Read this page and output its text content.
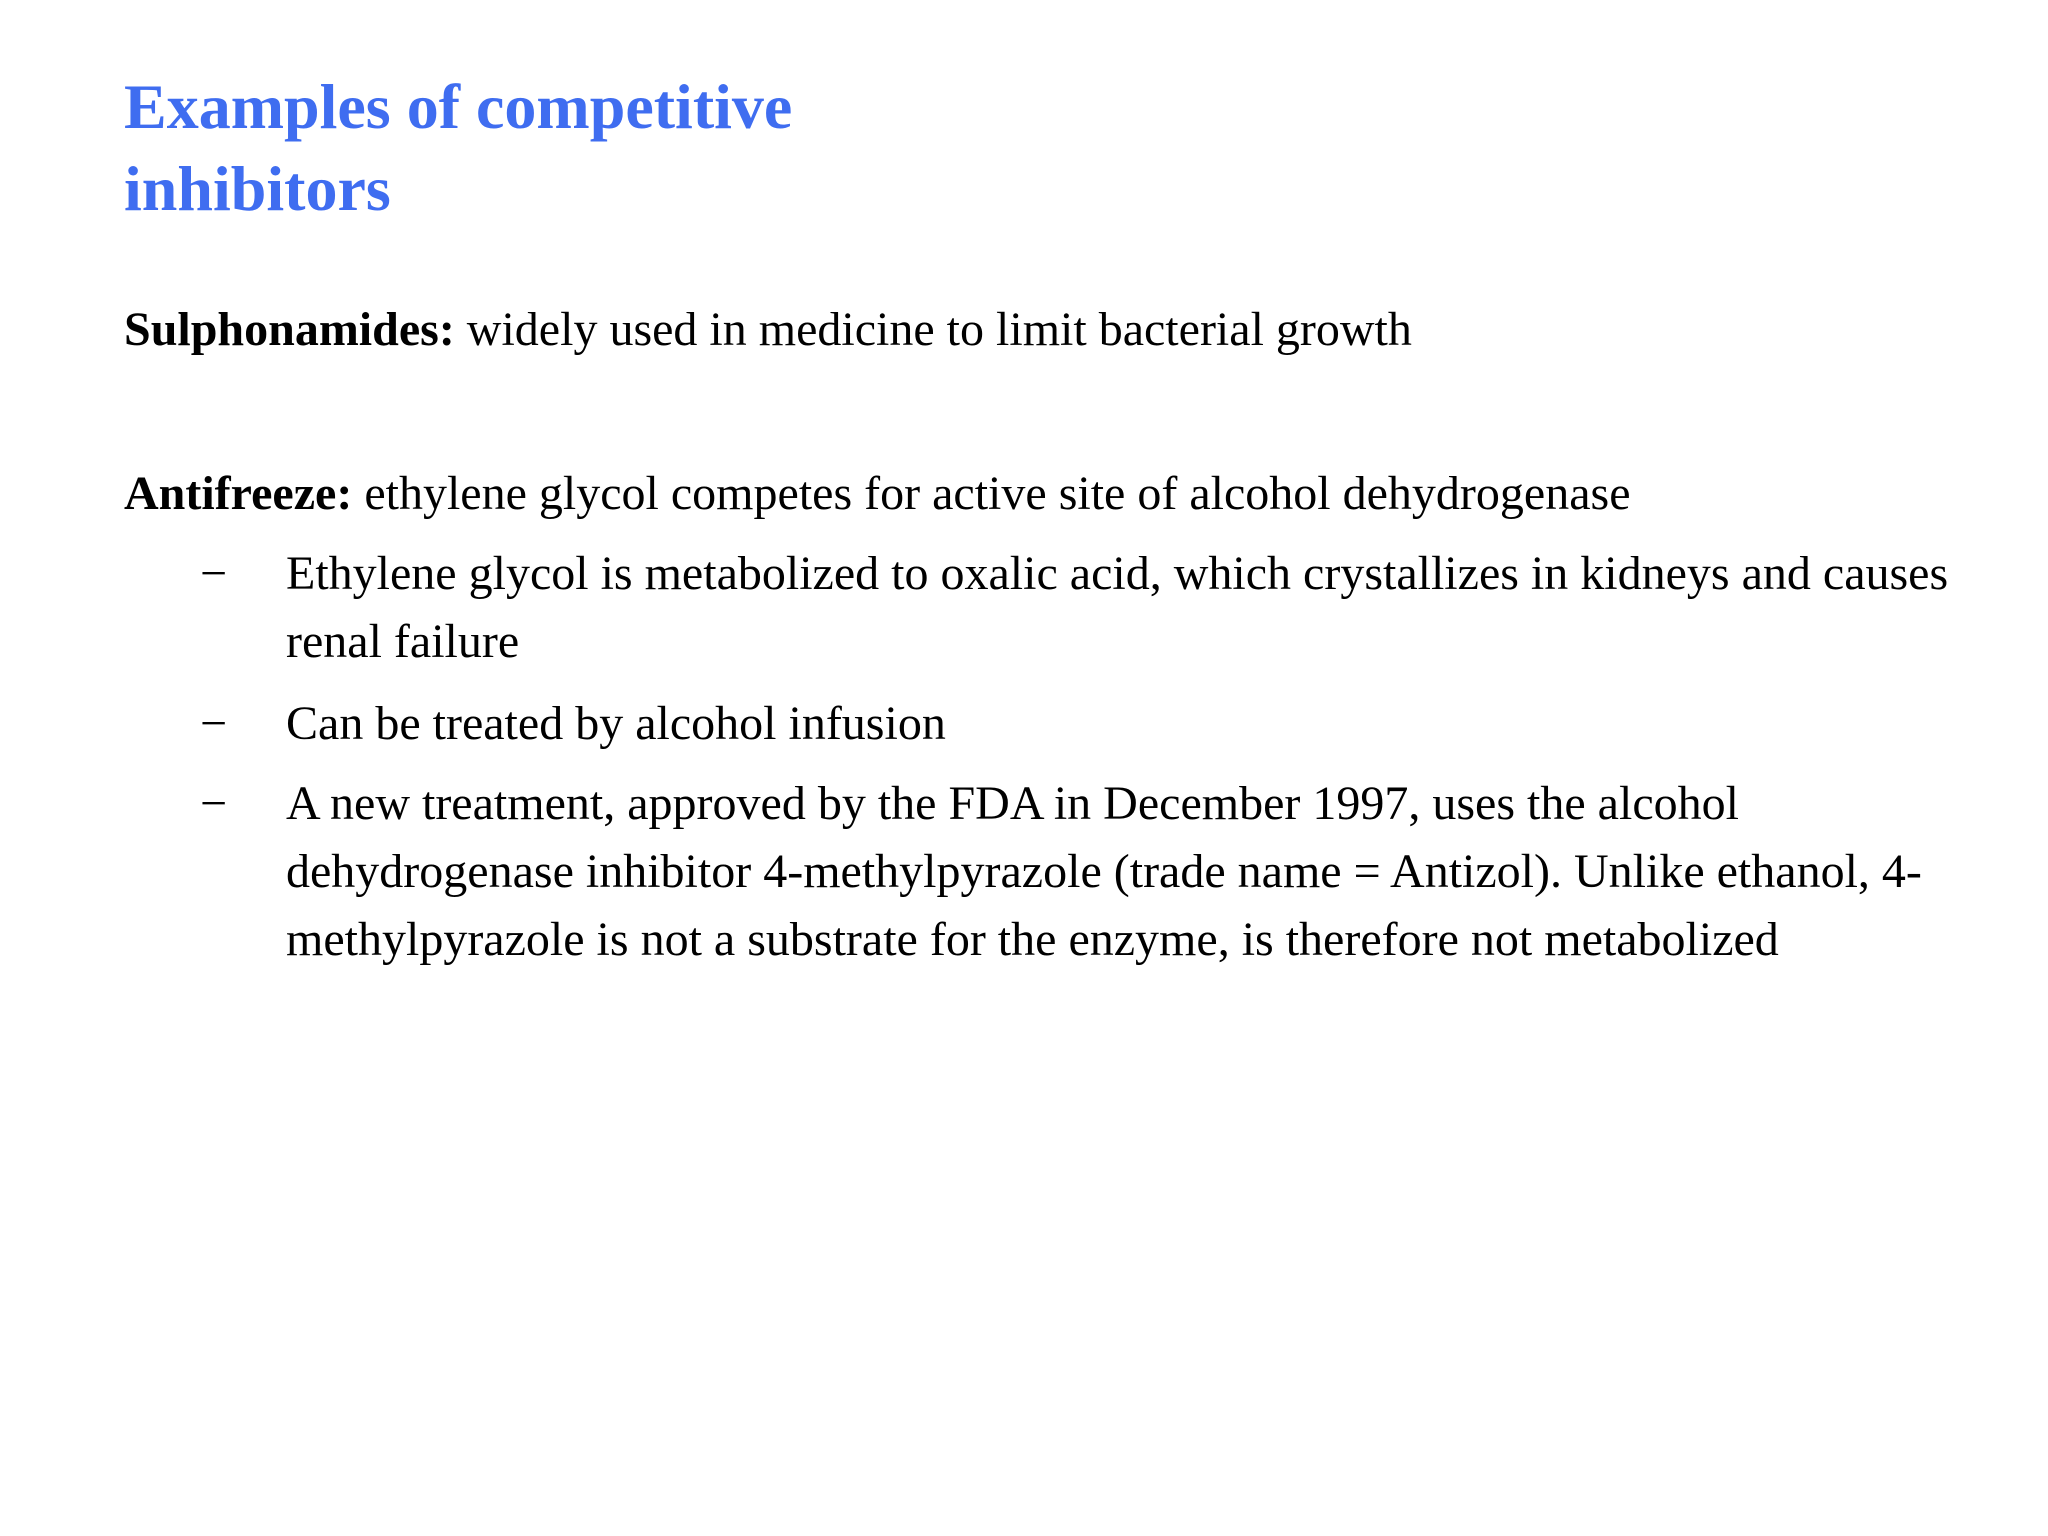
Examples of competitive
inhibitors

Sulphonamides: widely used in medicine to limit bacterial growth

Antifreeze: ethylene glycol competes for active site of alcohol dehydrogenase

−	Ethylene glycol is metabolized to oxalic acid, which crystallizes in kidneys and causes renal failure
−	Can be treated by alcohol infusion
−	A new treatment, approved by the FDA in December 1997, uses the alcohol dehydrogenase inhibitor 4-methylpyrazole (trade name = Antizol). Unlike ethanol, 4-methylpyrazole is not a substrate for the enzyme, is therefore not metabolized
